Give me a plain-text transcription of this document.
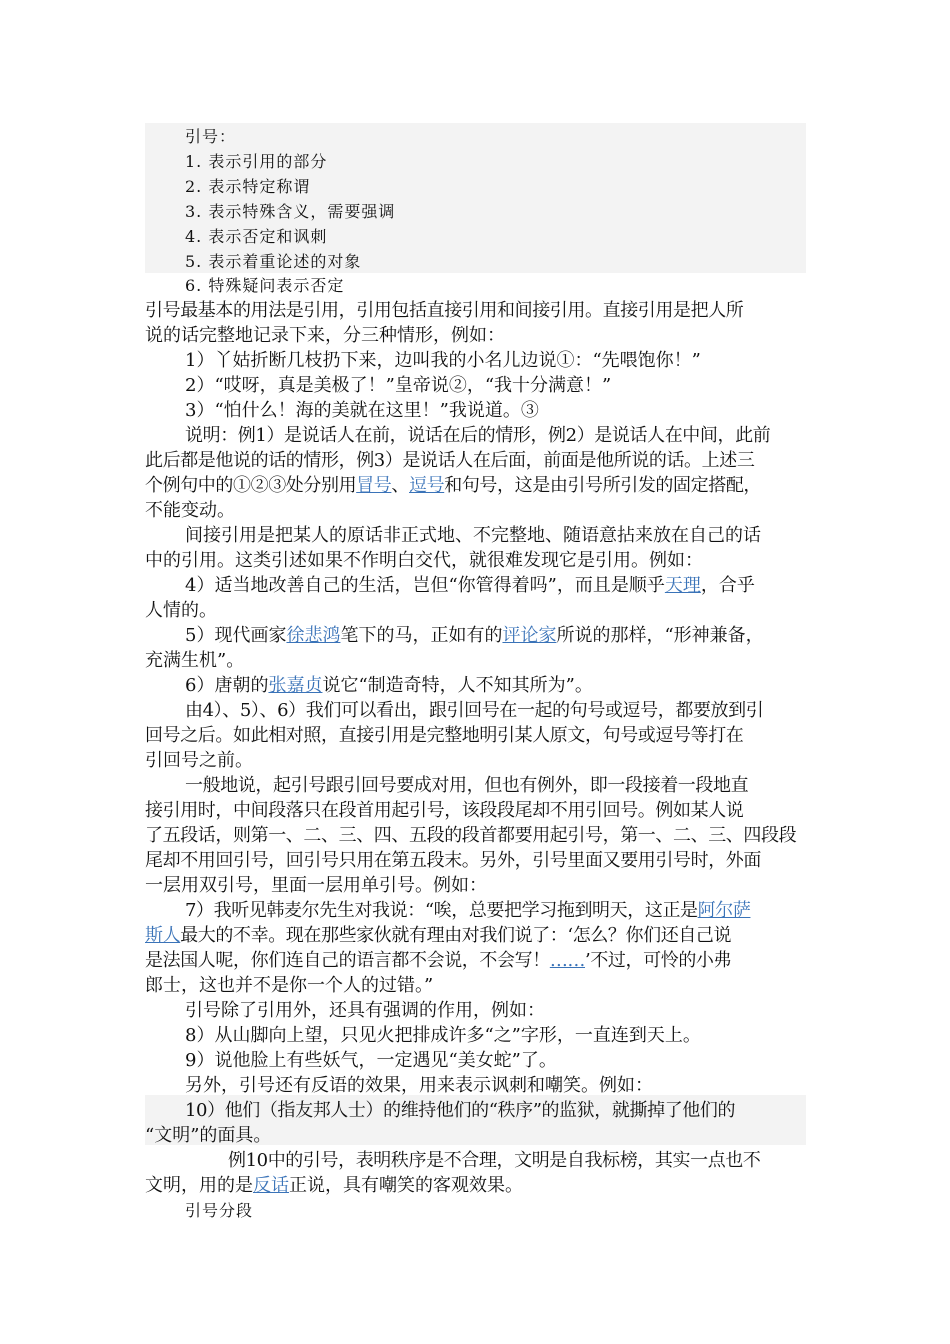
引号：
1. 表示引用的部分
2. 表示特定称谓
3. 表示特殊含义，需要强调
4. 表示否定和讽刺
5. 表示着重论述的对象
6. 特殊疑问表示否定
引号最基本的用法是引用，引用包括直接引用和间接引用。直接引用是把人所
说的话完整地记录下来，分三种情形，例如：
1）丫姑折断几枝扔下来，边叫我的小名儿边说①：“先喂饱你！”
2）“哎呀，真是美极了！”皇帝说②，“我十分满意！”
3）“怕什么！海的美就在这里！”我说道。③
说明：例1）是说话人在前，说话在后的情形，例2）是说话人在中间，此前
此后都是他说的话的情形，例3）是说话人在后面，前面是他所说的话。上述三
个例句中的①②③处分别用冒号、逗号和句号，这是由引号所引发的固定搭配，
不能变动。
间接引用是把某人的原话非正式地、不完整地、随语意拈来放在自己的话
中的引用。这类引述如果不作明白交代，就很难发现它是引用。例如：
4）适当地改善自己的生活，岂但“你管得着吗”，而且是顺乎天理，合乎
人情的。
5）现代画家徐悲鸿笔下的马，正如有的评论家所说的那样，“形神兼备，
充满生机”。
6）唐朝的张嘉贞说它“制造奇特，人不知其所为”。
由4）、5）、6）我们可以看出，跟引回号在一起的句号或逗号，都要放到引
回号之后。如此相对照，直接引用是完整地明引某人原文，句号或逗号等打在
引回号之前。
一般地说，起引号跟引回号要成对用，但也有例外，即一段接着一段地直
接引用时，中间段落只在段首用起引号，该段段尾却不用引回号。例如某人说
了五段话，则第一、二、三、四、五段的段首都要用起引号，第一、二、三、四段段
尾却不用回引号，回引号只用在第五段末。另外，引号里面又要用引号时，外面
一层用双引号，里面一层用单引号。例如：
7）我听见韩麦尔先生对我说：“唉，总要把学习拖到明天，这正是阿尔萨
斯人最大的不幸。现在那些家伙就有理由对我们说了：‘怎么？你们还自己说
是法国人呢，你们连自己的语言都不会说，不会写！……’不过，可怜的小弗
郎士，这也并不是你一个人的过错。”
引号除了引用外，还具有强调的作用，例如：
8）从山脚向上望，只见火把排成许多“之”字形，一直连到天上。
9）说他脸上有些妖气，一定遇见“美女蛇”了。
另外，引号还有反语的效果，用来表示讽刺和嘲笑。例如：
10）他们（指友邦人士）的维持他们的“秩序”的监狱，就撕掉了他们的
“文明”的面具。
例10中的引号，表明秩序是不合理，文明是自我标榜，其实一点也不
文明，用的是反话正说，具有嘲笑的客观效果。
引号分段
